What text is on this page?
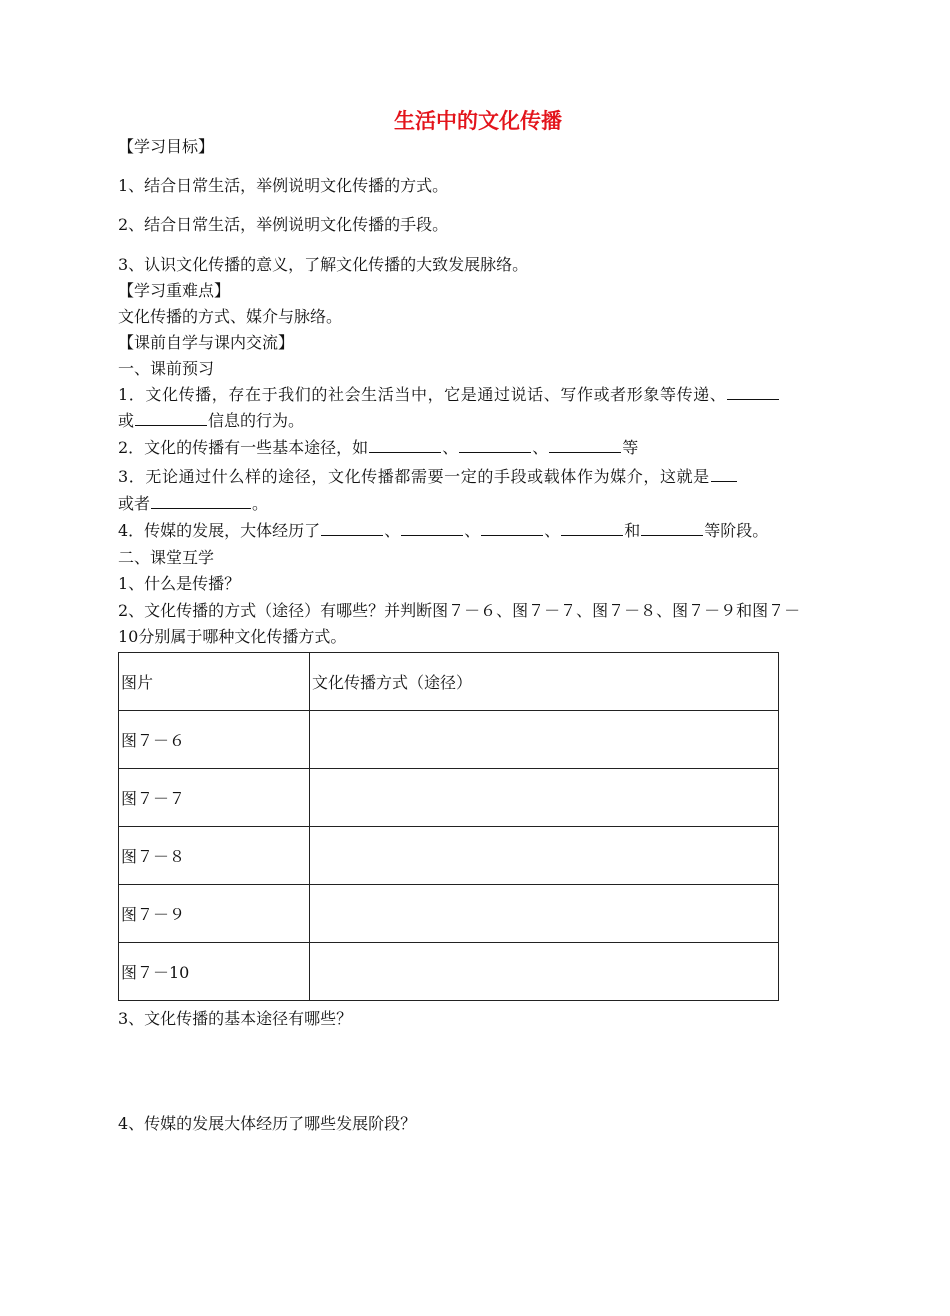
生活中的文化传播
【学习目标】
1、结合日常生活，举例说明文化传播的方式。
2、结合日常生活，举例说明文化传播的手段。
3、认识文化传播的意义，了解文化传播的大致发展脉络。
【学习重难点】
文化传播的方式、媒介与脉络。
【课前自学与课内交流】
一、课前预习
1．文化传播，存在于我们的社会生活当中，它是通过说话、写作或者形象等传递、
或	信息的行为。
2．文化的传播有一些基本途径，如	、	、	等
3．无论通过什么样的途径，文化传播都需要一定的手段或载体作为媒介，这就是
或者	。
4．传媒的发展，大体经历了	、	、	、	和	等阶段。
二、课堂互学
1、什么是传播？
2、文化传播的方式（途径）有哪些？并判断图７－６、图７－７、图７－８、图７－９和图７－
10分别属于哪种文化传播方式。
图片	文化传播方式（途径）
图７－６	
图７－７	
图７－８	
图７－９	
图７－10	
3、文化传播的基本途径有哪些？
4、传媒的发展大体经历了哪些发展阶段？
